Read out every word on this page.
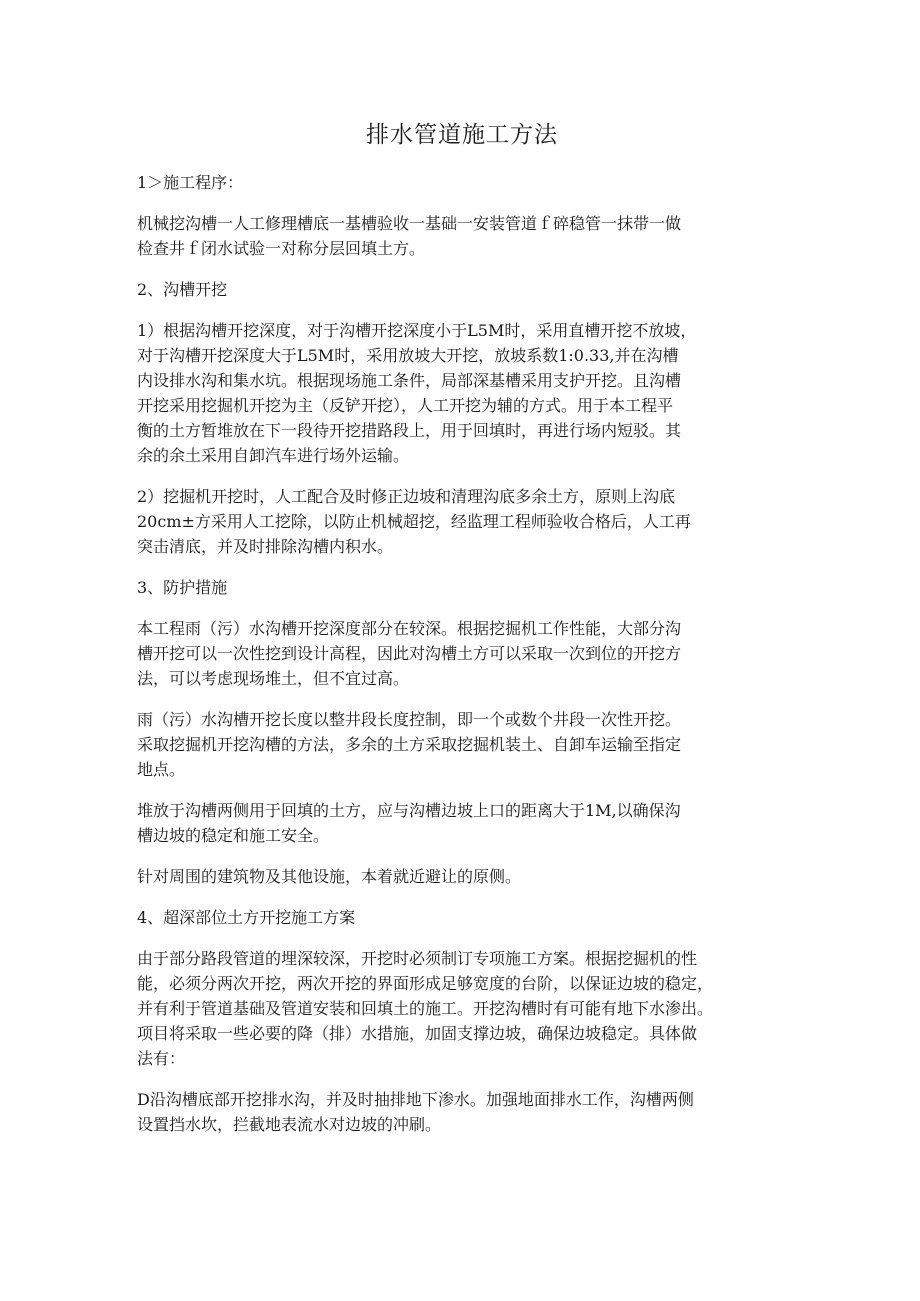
排水管道施工方法

1＞施工程序：

机械挖沟槽一人工修理槽底一基槽验收一基础一安装管道ｆ碎稳管一抹带一做
检查井ｆ闭水试验一对称分层回填土方。

2、沟槽开挖

1）根据沟槽开挖深度，对于沟槽开挖深度小于L5M时，采用直槽开挖不放坡，
对于沟槽开挖深度大于L5M时，采用放坡大开挖，放坡系数1:0.33,并在沟槽
内设排水沟和集水坑。根据现场施工条件，局部深基槽采用支护开挖。且沟槽
开挖采用挖掘机开挖为主（反铲开挖），人工开挖为辅的方式。用于本工程平
衡的土方暂堆放在下一段待开挖措路段上，用于回填时，再进行场内短驳。其
余的余土采用自卸汽车进行场外运输。

2）挖掘机开挖时，人工配合及时修正边坡和清理沟底多余土方，原则上沟底
20cm±方采用人工挖除，以防止机械超挖，经监理工程师验收合格后，人工再
突击清底，并及时排除沟槽内积水。

3、防护措施

本工程雨（污）水沟槽开挖深度部分在较深。根据挖掘机工作性能，大部分沟
槽开挖可以一次性挖到设计高程，因此对沟槽土方可以采取一次到位的开挖方
法，可以考虑现场堆土，但不宜过高。

雨（污）水沟槽开挖长度以整井段长度控制，即一个或数个井段一次性开挖。
采取挖掘机开挖沟槽的方法，多余的土方采取挖掘机装土、自卸车运输至指定
地点。

堆放于沟槽两侧用于回填的土方，应与沟槽边坡上口的距离大于1M,以确保沟
槽边坡的稳定和施工安全。

针对周围的建筑物及其他设施，本着就近避让的原侧。

4、超深部位土方开挖施工方案

由于部分路段管道的埋深较深，开挖时必须制订专项施工方案。根据挖掘机的性
能，必须分两次开挖，两次开挖的界面形成足够宽度的台阶，以保证边坡的稳定，
并有利于管道基础及管道安装和回填土的施工。开挖沟槽时有可能有地下水渗出。
项目将采取一些必要的降（排）水措施，加固支撑边坡，确保边坡稳定。具体做
法有：

D沿沟槽底部开挖排水沟，并及时抽排地下渗水。加强地面排水工作，沟槽两侧
设置挡水坎，拦截地表流水对边坡的冲刷。
